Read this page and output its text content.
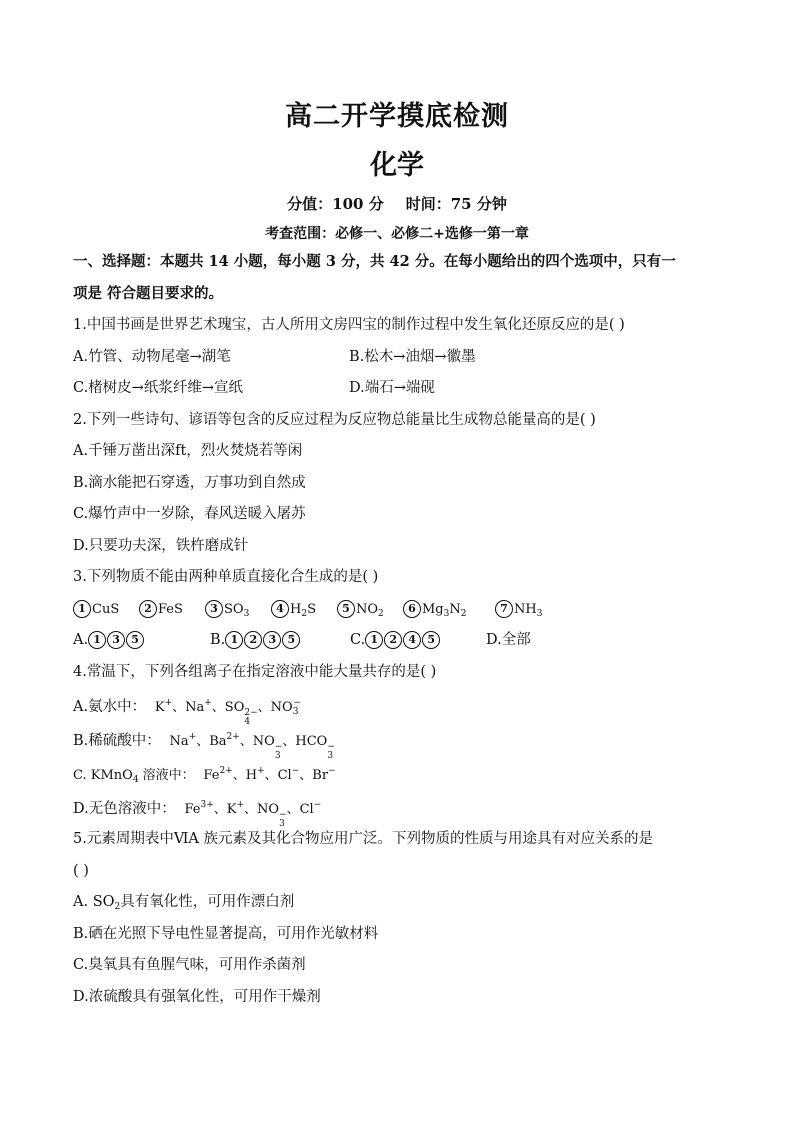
高二开学摸底检测
化学
分值：100 分 时间：75 分钟
考查范围：必修一、必修二+选修一第一章
一、选择题：本题共 14 小题，每小题 3 分，共 42 分。在每小题给出的四个选项中，只有一
项是 符合题目要求的。
1.中国书画是世界艺术瑰宝，古人所用文房四宝的制作过程中发生氧化还原反应的是( )
A.竹管、动物尾毫→湖笔	B.松木→油烟→徽墨
C.楮树皮→纸浆纤维→宣纸	D.端石→端砚
2.下列一些诗句、谚语等包含的反应过程为反应物总能量比生成物总能量高的是( )
A.千锤万凿出深ft，烈火焚烧若等闲
B.滴水能把石穿透，万事功到自然成
C.爆竹声中一岁除，春风送暖入屠苏
D.只要功夫深，铁杵磨成针
3.下列物质不能由两种单质直接化合生成的是( )
1 CuS 2 FeS 3 $SO_3$ 4 $H_2S$ 5 $NO_2$ 6 $Mg_3N_2$	7 $NH_3$
A. 1 3 5	B. 1 2 3 5	C. 1 2 4 5	D.全部
4.常温下，下列各组离子在指定溶液中能大量共存的是( )
A.氨水中：  K+、Na+、SO 2−
4
、$NO_3^-$
B.稀硫酸中：  Na+、$Ba^{2+}$、NO −
3
、HCO −
3
C. KMnO$_4$ 溶液中：  $Fe^{2+}$、H+、Cl−、Br−
D.无色溶液中：  $Fe^{3+}$、K+、NO −
3
、Cl−
5.元素周期表中ⅥA 族元素及其化合物应用广泛。下列物质的性质与用途具有对应关系的是
( )
A. $SO_2$具有氧化性，可用作漂白剂
B.硒在光照下导电性显著提高，可用作光敏材料
C.臭氧具有鱼腥气味，可用作杀菌剂
D.浓硫酸具有强氧化性，可用作干燥剂
